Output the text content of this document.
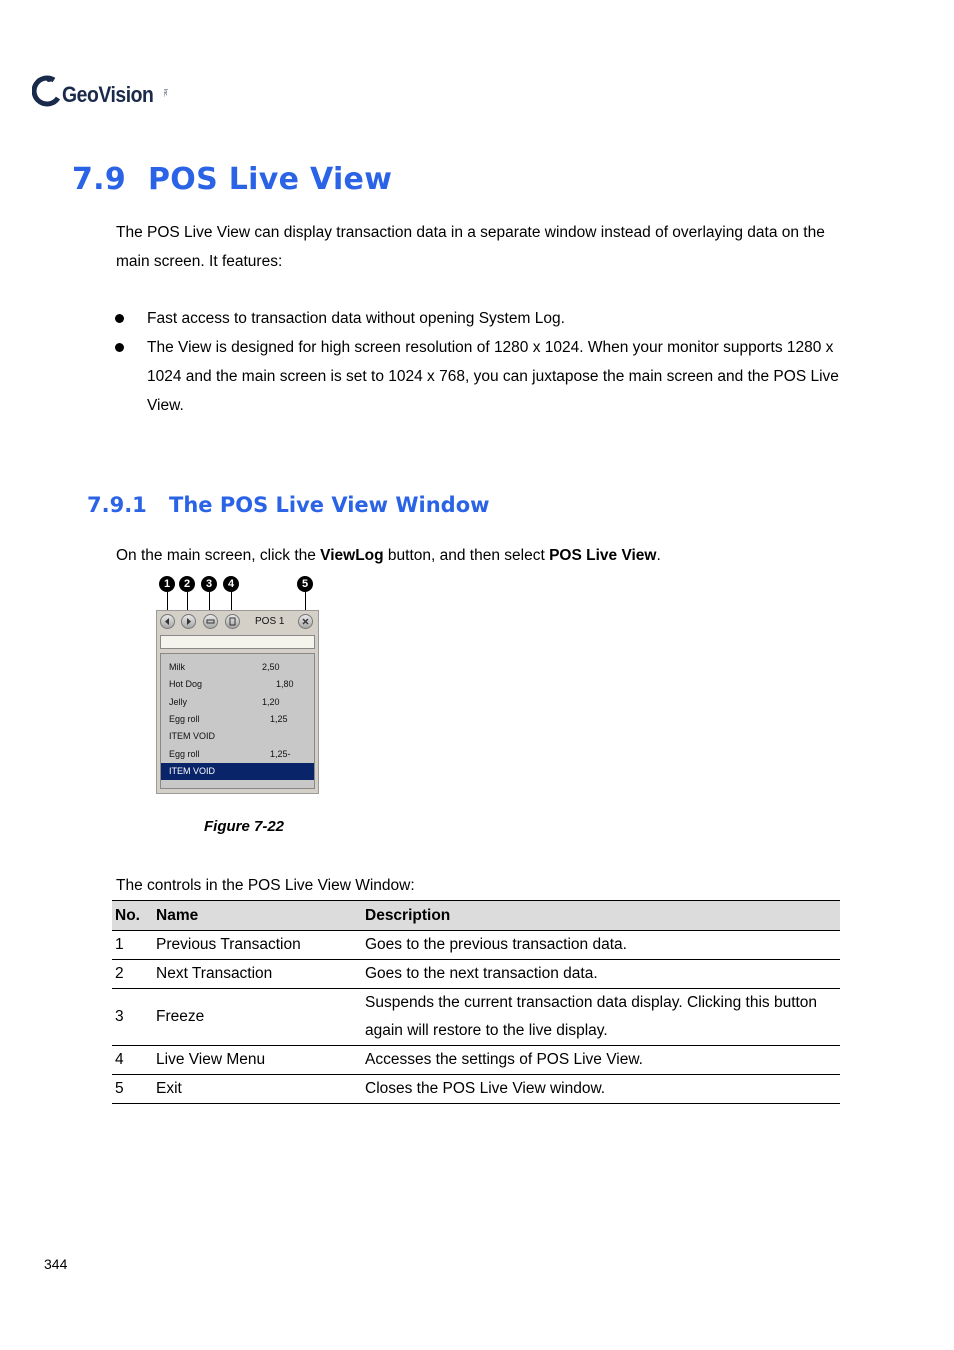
GeoVision Inc.
7.9 POS Live View
The POS Live View can display transaction data in a separate window instead of overlaying data on the main screen. It features:
Fast access to transaction data without opening System Log.
The View is designed for high screen resolution of 1280 x 1024. When your monitor supports 1280 x 1024 and the main screen is set to 1024 x 768, you can juxtapose the main screen and the POS Live View.
7.9.1 The POS Live View Window
On the main screen, click the ViewLog button, and then select POS Live View.
1	2	3	4	5
POS 1
Milk	2,50
Hot Dog	1,80
Jelly	1,20
Egg roll	1,25
ITEM VOID
Egg roll	1,25-
ITEM VOID
Figure 7-22
The controls in the POS Live View Window:
No.	Name	Description
1	Previous Transaction	Goes to the previous transaction data.
2	Next Transaction	Goes to the next transaction data.
3	Freeze	Suspends the current transaction data display. Clicking this button again will restore to the live display.
4	Live View Menu	Accesses the settings of POS Live View.
5	Exit	Closes the POS Live View window.
344
